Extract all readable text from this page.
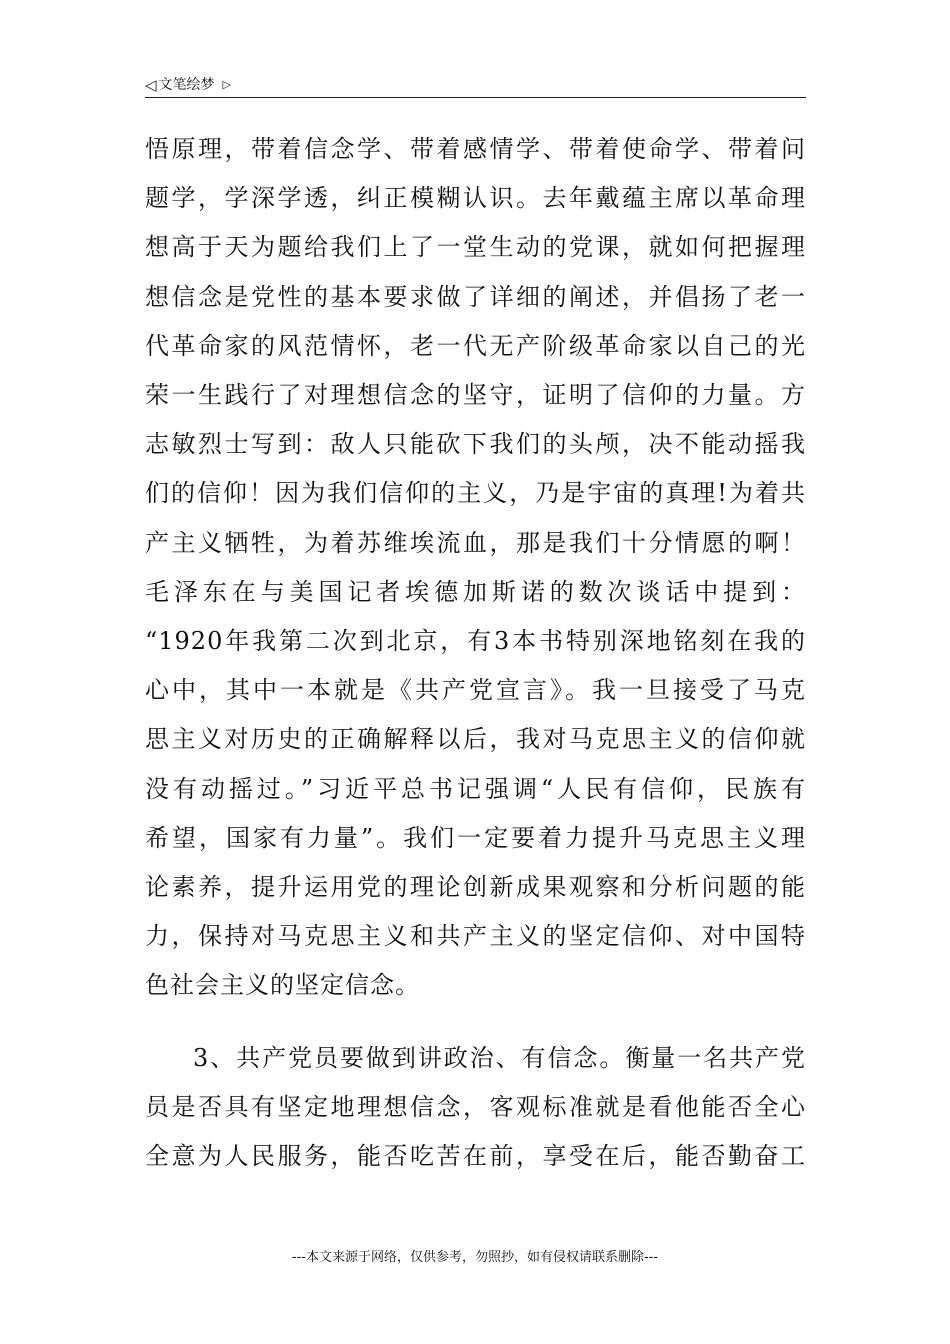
◁ 文笔绘梦 ▷

悟原理，带着信念学、带着感情学、带着使命学、带着问
题学，学深学透，纠正模糊认识。去年戴蕴主席以革命理
想高于天为题给我们上了一堂生动的党课，就如何把握理
想信念是党性的基本要求做了详细的阐述，并倡扬了老一
代革命家的风范情怀，老一代无产阶级革命家以自己的光
荣一生践行了对理想信念的坚守，证明了信仰的力量。方
志敏烈士写到：敌人只能砍下我们的头颅，决不能动摇我
们的信仰！因为我们信仰的主义，乃是宇宙的真理!为着共
产主义牺牲，为着苏维埃流血，那是我们十分情愿的啊！
毛泽东在与美国记者埃德加斯诺的数次谈话中提到：
“1920年我第二次到北京，有3本书特别深地铭刻在我的
心中，其中一本就是《共产党宣言》。我一旦接受了马克
思主义对历史的正确解释以后，我对马克思主义的信仰就
没有动摇过。”习近平总书记强调“人民有信仰，民族有
希望，国家有力量”。我们一定要着力提升马克思主义理
论素养，提升运用党的理论创新成果观察和分析问题的能
力，保持对马克思主义和共产主义的坚定信仰、对中国特
色社会主义的坚定信念。

3、共产党员要做到讲政治、有信念。衡量一名共产党
员是否具有坚定地理想信念，客观标准就是看他能否全心
全意为人民服务，能否吃苦在前，享受在后，能否勤奋工

---本文来源于网络，仅供参考，勿照抄，如有侵权请联系删除---
